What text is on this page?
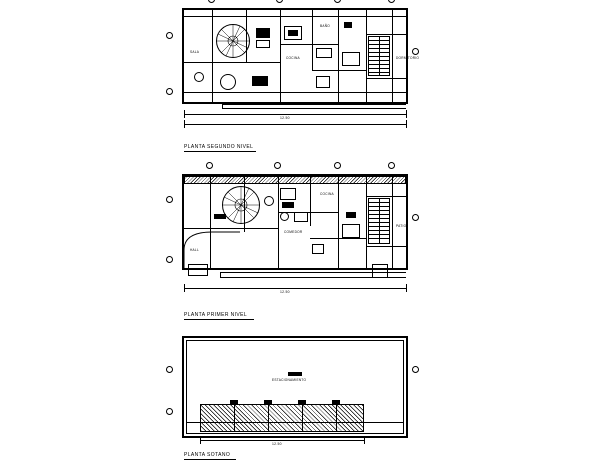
SALA
COCINA
BAÑO
DORMITORIO
12.50
PLANTA SEGUNDO NIVEL
12.50
HALL
COMEDOR
COCINA
PATIO
PLANTA PRIMER NIVEL
ESTACIONAMIENTO
12.50
PLANTA SOTANO
